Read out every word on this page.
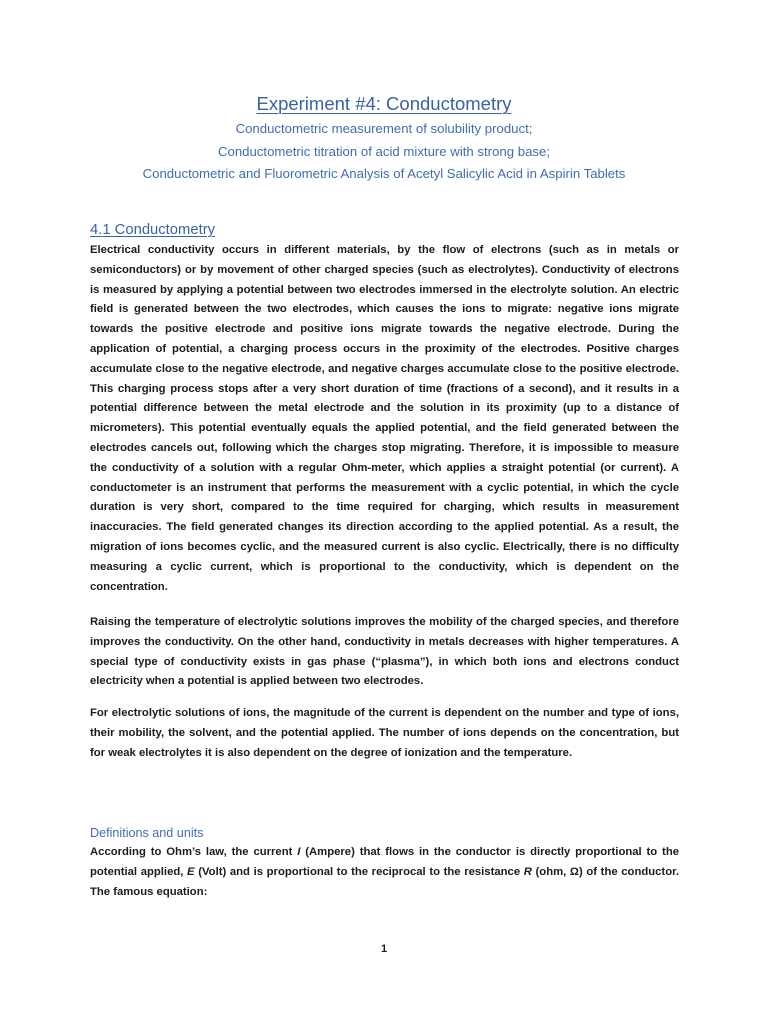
Experiment #4: Conductometry
Conductometric measurement of solubility product;
Conductometric titration of acid mixture with strong base;
Conductometric and Fluorometric Analysis of Acetyl Salicylic Acid in Aspirin Tablets
4.1 Conductometry

Electrical conductivity occurs in different materials, by the flow of electrons (such as in metals or semiconductors) or by movement of other charged species (such as electrolytes). Conductivity of electrons is measured by applying a potential between two electrodes immersed in the electrolyte solution. An electric field is generated between the two electrodes, which causes the ions to migrate: negative ions migrate towards the positive electrode and positive ions migrate towards the negative electrode. During the application of potential, a charging process occurs in the proximity of the electrodes. Positive charges accumulate close to the negative electrode, and negative charges accumulate close to the positive electrode. This charging process stops after a very short duration of time (fractions of a second), and it results in a potential difference between the metal electrode and the solution in its proximity (up to a distance of micrometers). This potential eventually equals the applied potential, and the field generated between the electrodes cancels out, following which the charges stop migrating. Therefore, it is impossible to measure the conductivity of a solution with a regular Ohm-meter, which applies a straight potential (or current). A conductometer is an instrument that performs the measurement with a cyclic potential, in which the cycle duration is very short, compared to the time required for charging, which results in measurement inaccuracies. The field generated changes its direction according to the applied potential. As a result, the migration of ions becomes cyclic, and the measured current is also cyclic. Electrically, there is no difficulty measuring a cyclic current, which is proportional to the conductivity, which is dependent on the concentration.

Raising the temperature of electrolytic solutions improves the mobility of the charged species, and therefore improves the conductivity. On the other hand, conductivity in metals decreases with higher temperatures. A special type of conductivity exists in gas phase (“plasma”), in which both ions and electrons conduct electricity when a potential is applied between two electrodes.

For electrolytic solutions of ions, the magnitude of the current is dependent on the number and type of ions, their mobility, the solvent, and the potential applied. The number of ions depends on the concentration, but for weak electrolytes it is also dependent on the degree of ionization and the temperature.

Definitions and units

According to Ohm’s law, the current I (Ampere) that flows in the conductor is directly proportional to the potential applied, E (Volt) and is proportional to the reciprocal to the resistance R (ohm, Ω) of the conductor. The famous equation:

1
